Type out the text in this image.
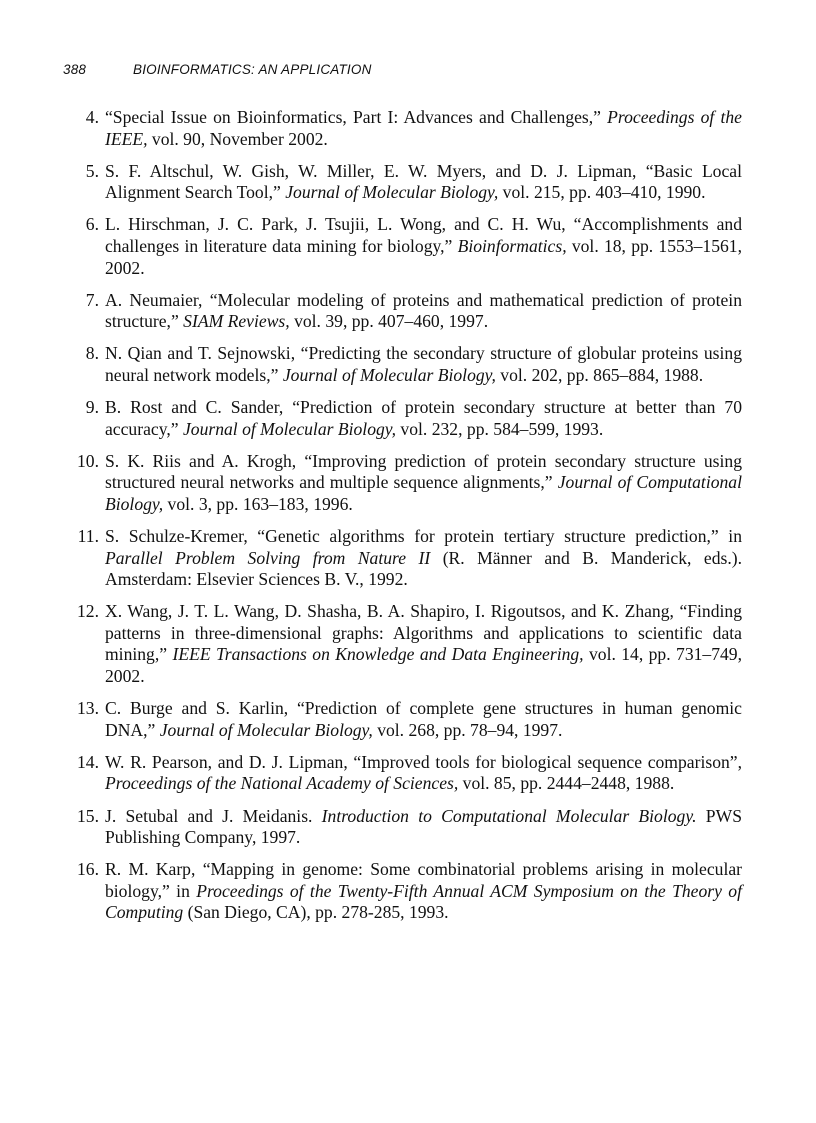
388	BIOINFORMATICS: AN APPLICATION
4. “Special Issue on Bioinformatics, Part I: Advances and Challenges,” Proceedings of the IEEE, vol. 90, November 2002.
5. S. F. Altschul, W. Gish, W. Miller, E. W. Myers, and D. J. Lipman, “Basic Local Alignment Search Tool,” Journal of Molecular Biology, vol. 215, pp. 403–410, 1990.
6. L. Hirschman, J. C. Park, J. Tsujii, L. Wong, and C. H. Wu, “Accomplishments and challenges in literature data mining for biology,” Bioinformatics, vol. 18, pp. 1553–1561, 2002.
7. A. Neumaier, “Molecular modeling of proteins and mathematical prediction of protein structure,” SIAM Reviews, vol. 39, pp. 407–460, 1997.
8. N. Qian and T. Sejnowski, “Predicting the secondary structure of globular proteins using neural network models,” Journal of Molecular Biology, vol. 202, pp. 865–884, 1988.
9. B. Rost and C. Sander, “Prediction of protein secondary structure at better than 70 accuracy,” Journal of Molecular Biology, vol. 232, pp. 584–599, 1993.
10. S. K. Riis and A. Krogh, “Improving prediction of protein secondary structure using structured neural networks and multiple sequence alignments,” Journal of Computational Biology, vol. 3, pp. 163–183, 1996.
11. S. Schulze-Kremer, “Genetic algorithms for protein tertiary structure prediction,” in Parallel Problem Solving from Nature II (R. Männer and B. Manderick, eds.). Amsterdam: Elsevier Sciences B. V., 1992.
12. X. Wang, J. T. L. Wang, D. Shasha, B. A. Shapiro, I. Rigoutsos, and K. Zhang, “Finding patterns in three-dimensional graphs: Algorithms and applications to scientific data mining,” IEEE Transactions on Knowledge and Data Engineering, vol. 14, pp. 731–749, 2002.
13. C. Burge and S. Karlin, “Prediction of complete gene structures in human genomic DNA,” Journal of Molecular Biology, vol. 268, pp. 78–94, 1997.
14. W. R. Pearson, and D. J. Lipman, “Improved tools for biological sequence comparison”, Proceedings of the National Academy of Sciences, vol. 85, pp. 2444–2448, 1988.
15. J. Setubal and J. Meidanis. Introduction to Computational Molecular Biology. PWS Publishing Company, 1997.
16. R. M. Karp, “Mapping in genome: Some combinatorial problems arising in molecular biology,” in Proceedings of the Twenty-Fifth Annual ACM Symposium on the Theory of Computing (San Diego, CA), pp. 278-285, 1993.
